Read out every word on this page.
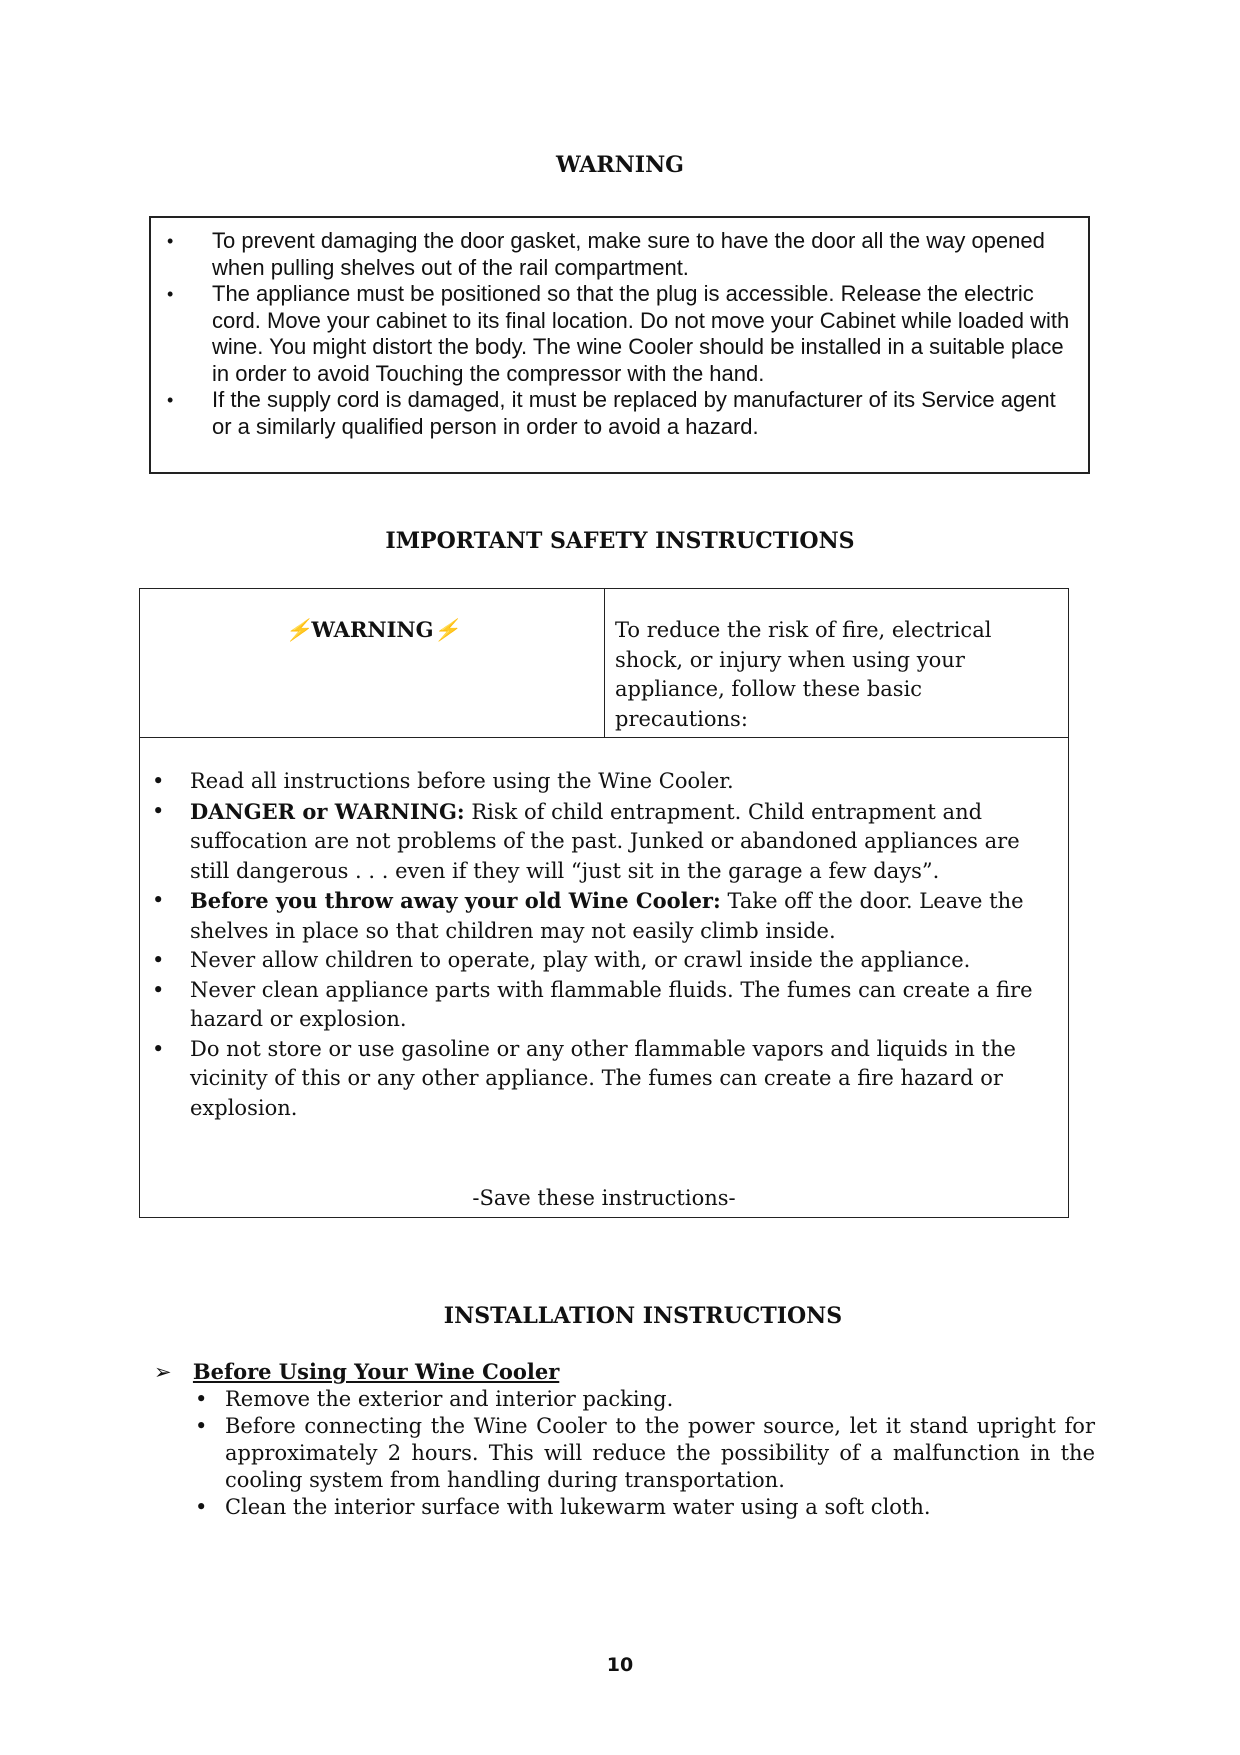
WARNING
• To prevent damaging the door gasket, make sure to have the door all the way opened when pulling shelves out of the rail compartment.
• The appliance must be positioned so that the plug is accessible. Release the electric cord. Move your cabinet to its final location. Do not move your Cabinet while loaded with wine. You might distort the body. The wine Cooler should be installed in a suitable place in order to avoid Touching the compressor with the hand.
• If the supply cord is damaged, it must be replaced by manufacturer of its Service agent or a similarly qualified person in order to avoid a hazard.
IMPORTANT SAFETY INSTRUCTIONS
⚡WARNING⚡	To reduce the risk of fire, electrical shock, or injury when using your appliance, follow these basic precautions:
• Read all instructions before using the Wine Cooler.
• DANGER or WARNING: Risk of child entrapment. Child entrapment and suffocation are not problems of the past. Junked or abandoned appliances are still dangerous . . . even if they will “just sit in the garage a few days”.
• Before you throw away your old Wine Cooler: Take off the door. Leave the shelves in place so that children may not easily climb inside.
• Never allow children to operate, play with, or crawl inside the appliance.
• Never clean appliance parts with flammable fluids. The fumes can create a fire hazard or explosion.
• Do not store or use gasoline or any other flammable vapors and liquids in the vicinity of this or any other appliance. The fumes can create a fire hazard or explosion.
-Save these instructions-
INSTALLATION INSTRUCTIONS
➢ Before Using Your Wine Cooler
• Remove the exterior and interior packing.
• Before connecting the Wine Cooler to the power source, let it stand upright for approximately 2 hours. This will reduce the possibility of a malfunction in the cooling system from handling during transportation.
• Clean the interior surface with lukewarm water using a soft cloth.
10
